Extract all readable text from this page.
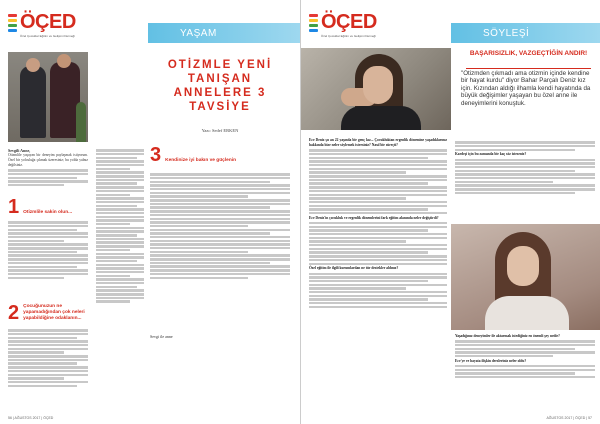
ÖÇED
Özel Çocuklar Eğitim ve Gelişimi Derneği	YAŞAM
OTİZMLE YENİ
TANIŞAN
ANNELERE 3
TAVSİYE
Yazı: Sedef ERKEN
Sevgili Anne,
Otizmlile yaşayan bir deneyim paylaşmak istiyorum. Özel bir yolculuğa çıkmak üzeresiniz; bu yolda yalnız değilsiniz.
1 Otizmlile sakin olun...
2 Çocuğunuzun ne yapamadığından çok neleri yapabildiğine odaklanın...
3 Kendinize iyi bakın ve güçlenin
Sevgi ile anne
56 | AĞUSTOS 2017 | ÖÇED
ÖÇED
Özel Çocuklar Eğitim ve Gelişimi Derneği	SÖYLEŞİ
BAŞARISIZLIK, VAZGEÇTİĞİN ANDIR!
"Otizmden çıkmadı ama otizmin içinde kendine bir hayat kurdu" diyor Bahar Parçalı Deniz kız için. Kızından aldığı ilhamla kendi hayatında da büyük değişimler yaşayan bu özel anne ile deneyimlerini konuştuk.
Ece Deniz şu an 22 yaşında bir genç kız... Çocukluktan ergenlik dönemine yaşadıklarınız hakkında bize neler söylemek istersiniz? Nasıl bir süreçti?
Ece Deniz'in çocukluk ve ergenlik dönemlerini fark eğitim alanında neler değiştirdi?
Özel eğitim ile ilgili kurumlardan ne tür destekler aldınız?
Kardeşi için bu zamanda bir kaç söz isteseniz?
Yaşadığınız deneyimler ile aktarmak istediğiniz en önemli şey nedir?
Ece'ye ve hayata ilişkin dersleriniz neler oldu?
AĞUSTOS 2017 | ÖÇED | 57
